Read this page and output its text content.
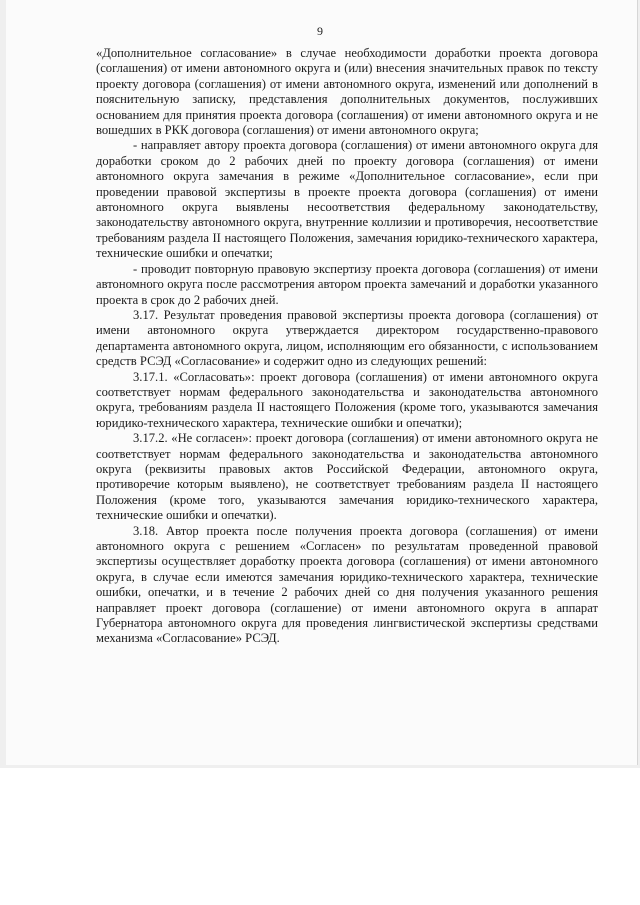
9

«Дополнительное согласование» в случае необходимости доработки проекта договора (соглашения) от имени автономного округа и (или) внесения значительных правок по тексту проекту договора (соглашения) от имени автономного округа, изменений или дополнений в пояснительную записку, представления дополнительных документов, послуживших основанием для принятия проекта договора (соглашения) от имени автономного округа и не вошедших в РКК договора (соглашения) от имени автономного округа;

- направляет автору проекта договора (соглашения) от имени автономного округа для доработки сроком до 2 рабочих дней по проекту договора (соглашения) от имени автономного округа замечания в режиме «Дополнительное согласование», если при проведении правовой экспертизы в проекте проекта договора (соглашения) от имени автономного округа выявлены несоответствия федеральному законодательству, законодательству автономного округа, внутренние коллизии и противоречия, несоответствие требованиям раздела II настоящего Положения, замечания юридико-технического характера, технические ошибки и опечатки;

- проводит повторную правовую экспертизу проекта договора (соглашения) от имени автономного округа после рассмотрения автором проекта замечаний и доработки указанного проекта в срок до 2 рабочих дней.

3.17. Результат проведения правовой экспертизы проекта договора (соглашения) от имени автономного округа утверждается директором государственно-правового департамента автономного округа, лицом, исполняющим его обязанности, с использованием средств РСЭД «Согласование» и содержит одно из следующих решений:

3.17.1. «Согласовать»: проект договора (соглашения) от имени автономного округа соответствует нормам федерального законодательства и законодательства автономного округа, требованиям раздела II настоящего Положения (кроме того, указываются замечания юридико-технического характера, технические ошибки и опечатки);

3.17.2. «Не согласен»: проект договора (соглашения) от имени автономного округа не соответствует нормам федерального законодательства и законодательства автономного округа (реквизиты правовых актов Российской Федерации, автономного округа, противоречие которым выявлено), не соответствует требованиям раздела II настоящего Положения (кроме того, указываются замечания юридико-технического характера, технические ошибки и опечатки).

3.18. Автор проекта после получения проекта договора (соглашения) от имени автономного округа с решением «Согласен» по результатам проведенной правовой экспертизы осуществляет доработку проекта договора (соглашения) от имени автономного округа, в случае если имеются замечания юридико-технического характера, технические ошибки, опечатки, и в течение 2 рабочих дней со дня получения указанного решения направляет проект договора (соглашение) от имени автономного округа в аппарат Губернатора автономного округа для проведения лингвистической экспертизы средствами механизма «Согласование» РСЭД.
